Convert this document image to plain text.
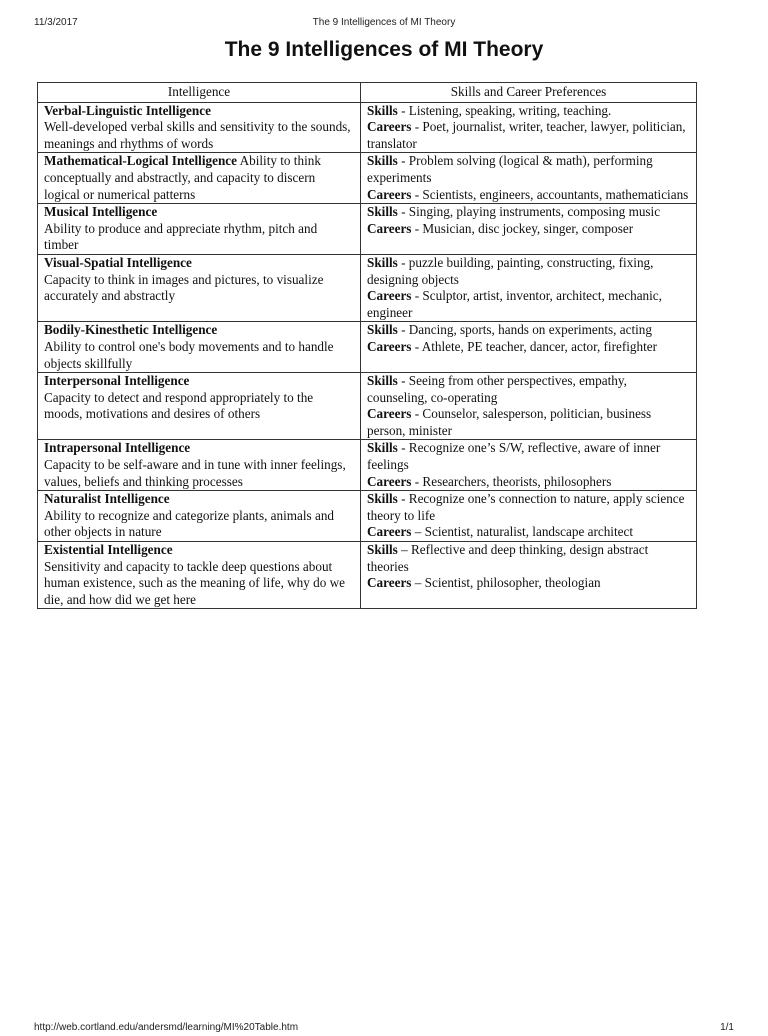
11/3/2017	The 9 Intelligences of MI Theory
The 9 Intelligences of MI Theory
Intelligence	Skills and Career Preferences
Verbal-Linguistic Intelligence
Well-developed verbal skills and sensitivity to the sounds, meanings and rhythms of words	Skills - Listening, speaking, writing, teaching.
Careers - Poet, journalist, writer, teacher, lawyer, politician, translator

Mathematical-Logical Intelligence Ability to think conceptually and abstractly, and capacity to discern logical or numerical patterns	Skills - Problem solving (logical & math), performing experiments
Careers - Scientists, engineers, accountants, mathematicians

Musical Intelligence
Ability to produce and appreciate rhythm, pitch and timber	Skills - Singing, playing instruments, composing music
Careers - Musician, disc jockey, singer, composer

Visual-Spatial Intelligence
Capacity to think in images and pictures, to visualize accurately and abstractly	Skills - puzzle building, painting, constructing, fixing, designing objects
Careers - Sculptor, artist, inventor, architect, mechanic, engineer

Bodily-Kinesthetic Intelligence
Ability to control one's body movements and to handle objects skillfully	Skills - Dancing, sports, hands on experiments, acting
Careers - Athlete, PE teacher, dancer, actor, firefighter

Interpersonal Intelligence
Capacity to detect and respond appropriately to the moods, motivations and desires of others	Skills - Seeing from other perspectives, empathy, counseling, co-operating
Careers - Counselor, salesperson, politician, business person, minister

Intrapersonal Intelligence
Capacity to be self-aware and in tune with inner feelings, values, beliefs and thinking processes	Skills - Recognize one’s S/W, reflective, aware of inner feelings
Careers - Researchers, theorists, philosophers

Naturalist Intelligence
Ability to recognize and categorize plants, animals and other objects in nature	Skills - Recognize one’s connection to nature, apply science theory to life
Careers – Scientist, naturalist, landscape architect

Existential Intelligence
Sensitivity and capacity to tackle deep questions about human existence, such as the meaning of life, why do we die, and how did we get here	Skills – Reflective and deep thinking, design abstract theories
Careers – Scientist, philosopher, theologian
http://web.cortland.edu/andersmd/learning/MI%20Table.htm	1/1
